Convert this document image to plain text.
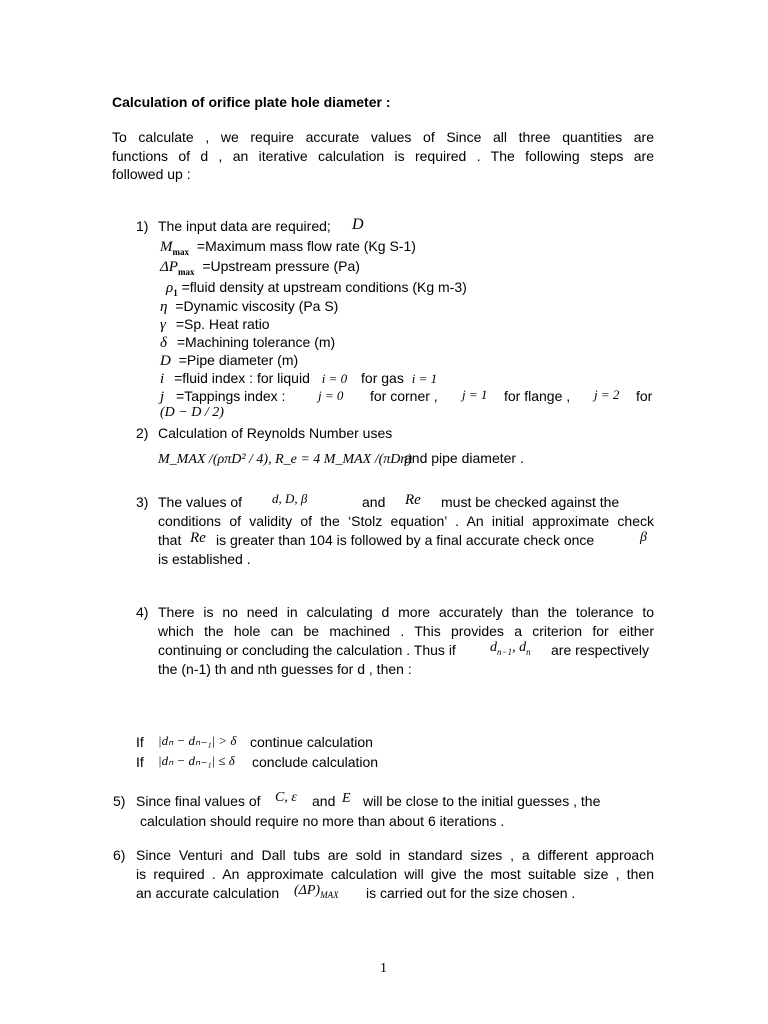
Calculation of orifice plate hole diameter :
To calculate , we require accurate values of Since all three quantities are
functions of d , an iterative calculation is required . The following steps are
followed up :
1) The input data are required; D
$M_{max}$ =Maximum mass flow rate (Kg S-1)
$\Delta P_{max}$ =Upstream pressure (Pa)
$\rho_1$ =fluid density at upstream conditions (Kg m-3)
η =Dynamic viscosity (Pa S)
γ =Sp. Heat ratio
δ =Machining tolerance (m)
D =Pipe diameter (m)
i =fluid index : for liquid i = 0 for gas i = 1
j =Tappings index :	j = 0 for corner , j = 1 for flange , j = 2 for
(D − D / 2)
2) Calculation of Reynolds Number uses
M_MAX /(ρπD² / 4), R_e = 4 M_MAX /(πDη)
and pipe diameter .
3) The values of d, D, β	and Re must be checked against the
conditions of validity of the ‘Stolz equation’ . An initial approximate check
that Re is greater than 104 is followed by a final accurate check once	β
is established .
4) There is no need in calculating d more accurately than the tolerance to
which the hole can be machined . This provides a criterion for either
continuing or concluding the calculation . Thus if $d_{n-1}$, $d_n$ are respectively
the (n-1) th and nth guesses for d , then :
If |dₙ − dₙ₋₁| > δ continue calculation
If |dₙ − dₙ₋₁| ≤ δ conclude calculation
5) Since final values of C, ε and E will be close to the initial guesses , the
calculation should require no more than about 6 iterations .
6) Since Venturi and Dall tubs are sold in standard sizes , a different approach
is required . An approximate calculation will give the most suitable size , then
an accurate calculation $(\Delta P)_{MAX}$ is carried out for the size chosen .
1
